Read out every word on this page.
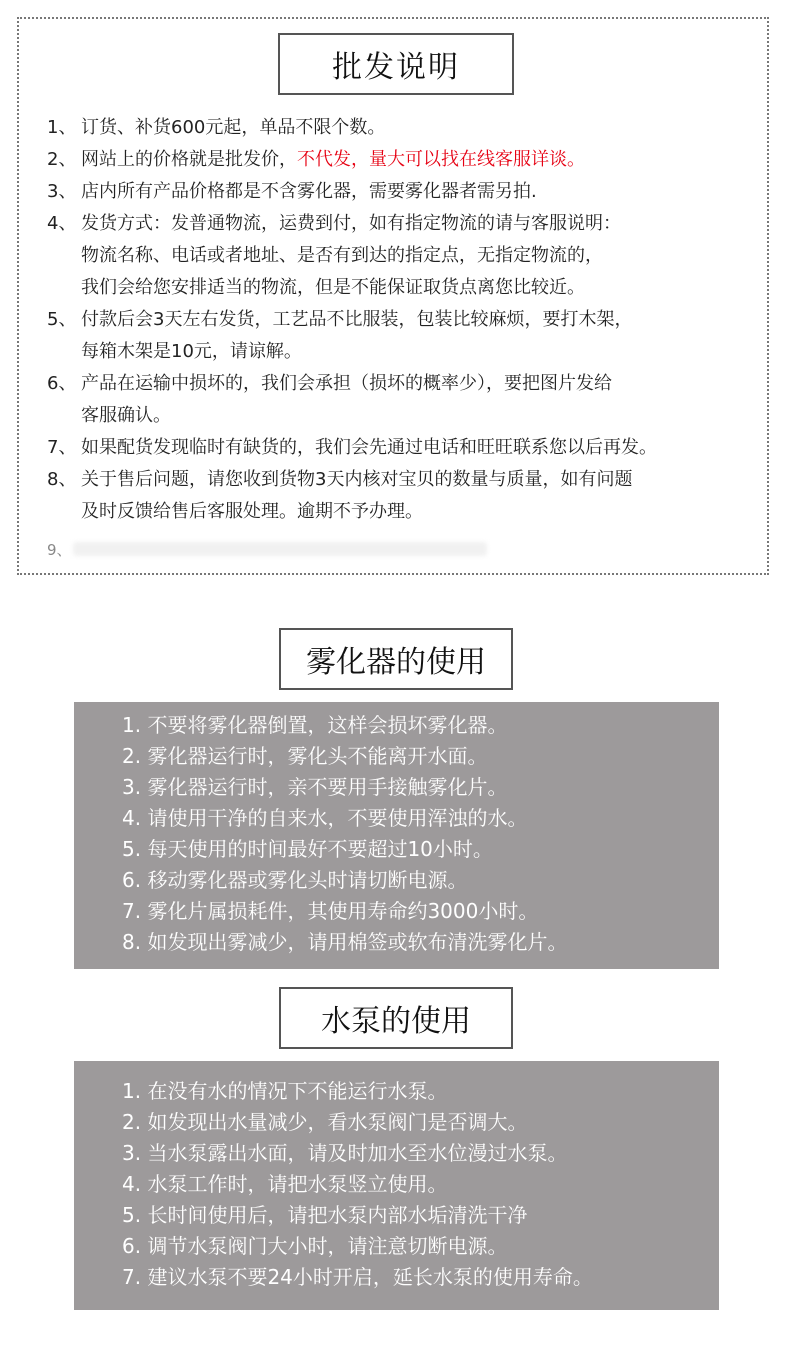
批发说明
1、 订货、补货600元起，单品不限个数。
2、 网站上的价格就是批发价，不代发，量大可以找在线客服详谈。
3、 店内所有产品价格都是不含雾化器，需要雾化器者需另拍.
4、 发货方式：发普通物流，运费到付，如有指定物流的请与客服说明：
物流名称、电话或者地址、是否有到达的指定点，无指定物流的，
我们会给您安排适当的物流，但是不能保证取货点离您比较近。
5、 付款后会3天左右发货，工艺品不比服装，包装比较麻烦，要打木架，
每箱木架是10元，请谅解。
6、 产品在运输中损坏的，我们会承担（损坏的概率少），要把图片发给
客服确认。
7、 如果配货发现临时有缺货的，我们会先通过电话和旺旺联系您以后再发。
8、 关于售后问题，请您收到货物3天内核对宝贝的数量与质量，如有问题
及时反馈给售后客服处理。逾期不予办理。
9、
雾化器的使用
1. 不要将雾化器倒置，这样会损坏雾化器。
2. 雾化器运行时，雾化头不能离开水面。
3. 雾化器运行时，亲不要用手接触雾化片。
4. 请使用干净的自来水，不要使用浑浊的水。
5. 每天使用的时间最好不要超过10小时。
6. 移动雾化器或雾化头时请切断电源。
7. 雾化片属损耗件，其使用寿命约3000小时。
8. 如发现出雾减少，请用棉签或软布清洗雾化片。
水泵的使用
1. 在没有水的情况下不能运行水泵。
2. 如发现出水量减少，看水泵阀门是否调大。
3. 当水泵露出水面，请及时加水至水位漫过水泵。
4. 水泵工作时，请把水泵竖立使用。
5. 长时间使用后，请把水泵内部水垢清洗干净
6. 调节水泵阀门大小时，请注意切断电源。
7. 建议水泵不要24小时开启，延长水泵的使用寿命。
